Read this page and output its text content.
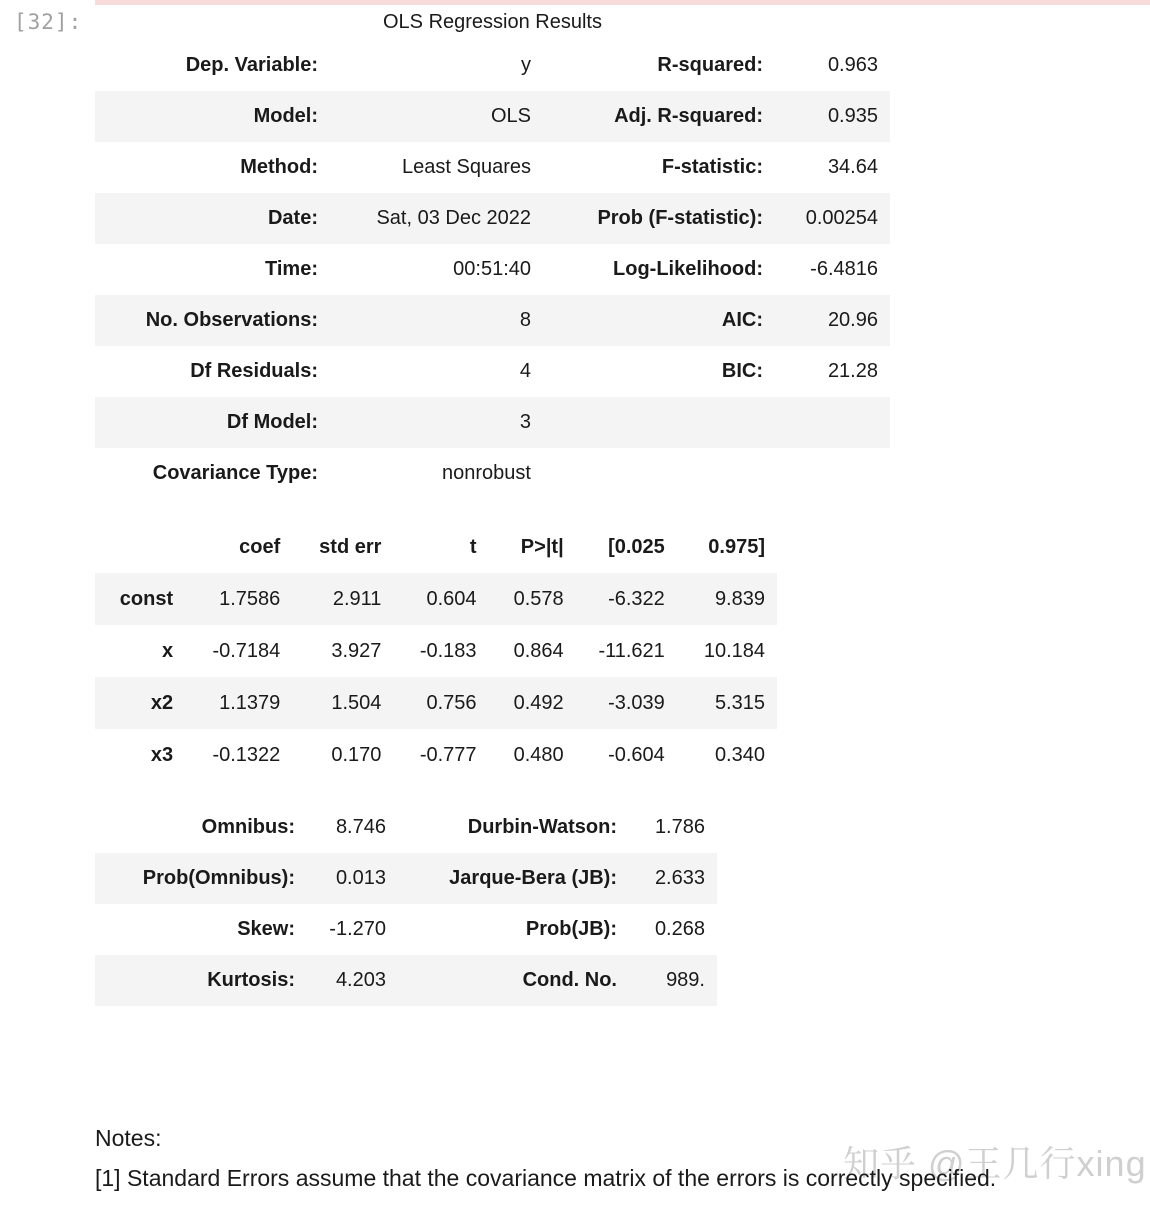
[32]:	OLS Regression Results
Dep. Variable:	y	R-squared:	0.963
Model:	OLS	Adj. R-squared:	0.935
Method:	Least Squares	F-statistic:	34.64
Date:	Sat, 03 Dec 2022	Prob (F-statistic):	0.00254
Time:	00:51:40	Log-Likelihood:	-6.4816
No. Observations:	8	AIC:	20.96
Df Residuals:	4	BIC:	21.28
Df Model:	3		
Covariance Type:	nonrobust		
	coef	std err	t	P>|t|	[0.025	0.975]
const	1.7586	2.911	0.604	0.578	-6.322	9.839
x	-0.7184	3.927	-0.183	0.864	-11.621	10.184
x2	1.1379	1.504	0.756	0.492	-3.039	5.315
x3	-0.1322	0.170	-0.777	0.480	-0.604	0.340
Omnibus:	8.746	Durbin-Watson:	1.786
Prob(Omnibus):	0.013	Jarque-Bera (JB):	2.633
Skew:	-1.270	Prob(JB):	0.268
Kurtosis:	4.203	Cond. No.	989.
知乎 @王几行xing
Notes:
[1] Standard Errors assume that the covariance matrix of the errors is correctly specified.
